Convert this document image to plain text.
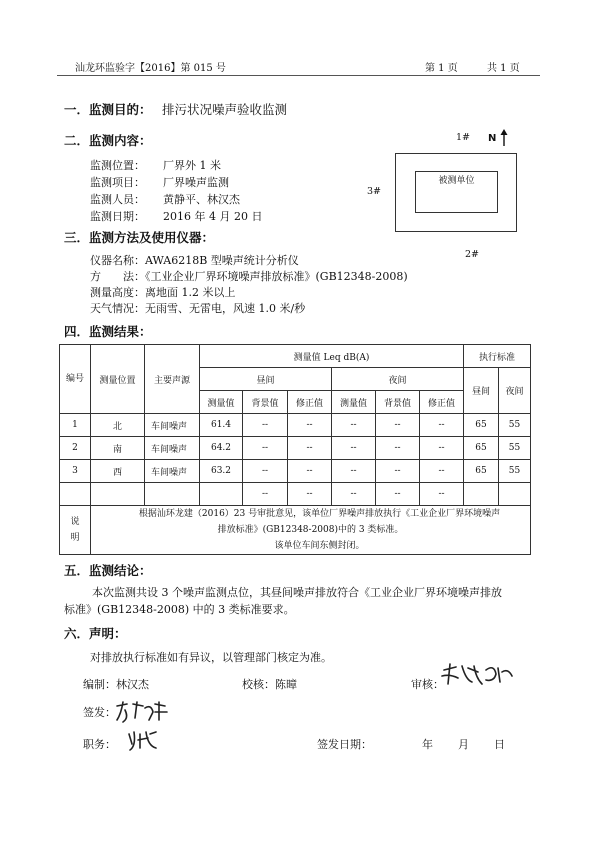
汕龙环监验字【2016】第 015 号	第 1 页	共 1 页
一．监测目的： 排污状况噪声验收监测
二．监测内容：
监测位置： 厂界外 1 米
监测项目： 厂界噪声监测
监测人员： 黄静平、林汉杰
监测日期： 2016 年 4 月 20 日
1# N
被测单位
3#
2#
三．监测方法及使用仪器：
仪器名称：AWA6218B 型噪声统计分析仪
方　　法：《工业企业厂界环境噪声排放标准》(GB12348-2008)
测量高度：离地面 1.2 米以上
天气情况：无雨雪、无雷电，风速 1.0 米/秒
四．监测结果：
编号	测量位置	主要声源	测量值 Leq dB(A)						执行标准	
			昼间			夜间			昼间	夜间
			测量值	背景值	修正值	测量值	背景值	修正值		
1	北	车间噪声	61.4	--	--	--	--	--	65	55
2	南	车间噪声	64.2	--	--	--	--	--	65	55
3	西	车间噪声	63.2	--	--	--	--	--	65	55
				--	--	--	--	--		
说明	根据汕环龙建（2016）23 号审批意见，该单位厂界噪声排放执行《工业企业厂界环境噪声
排放标准》(GB12348-2008)中的 3 类标准。
该单位车间东侧封闭。									
五．监测结论：
本次监测共设 3 个噪声监测点位，其昼间噪声排放符合《工业企业厂界环境噪声排放
标准》(GB12348-2008) 中的 3 类标准要求。
六．声明：
对排放执行标准如有异议，以管理部门核定为准。
编制：林汉杰	校核：陈暲	审核：
签发：
职务：	签发日期：	年 月 日
